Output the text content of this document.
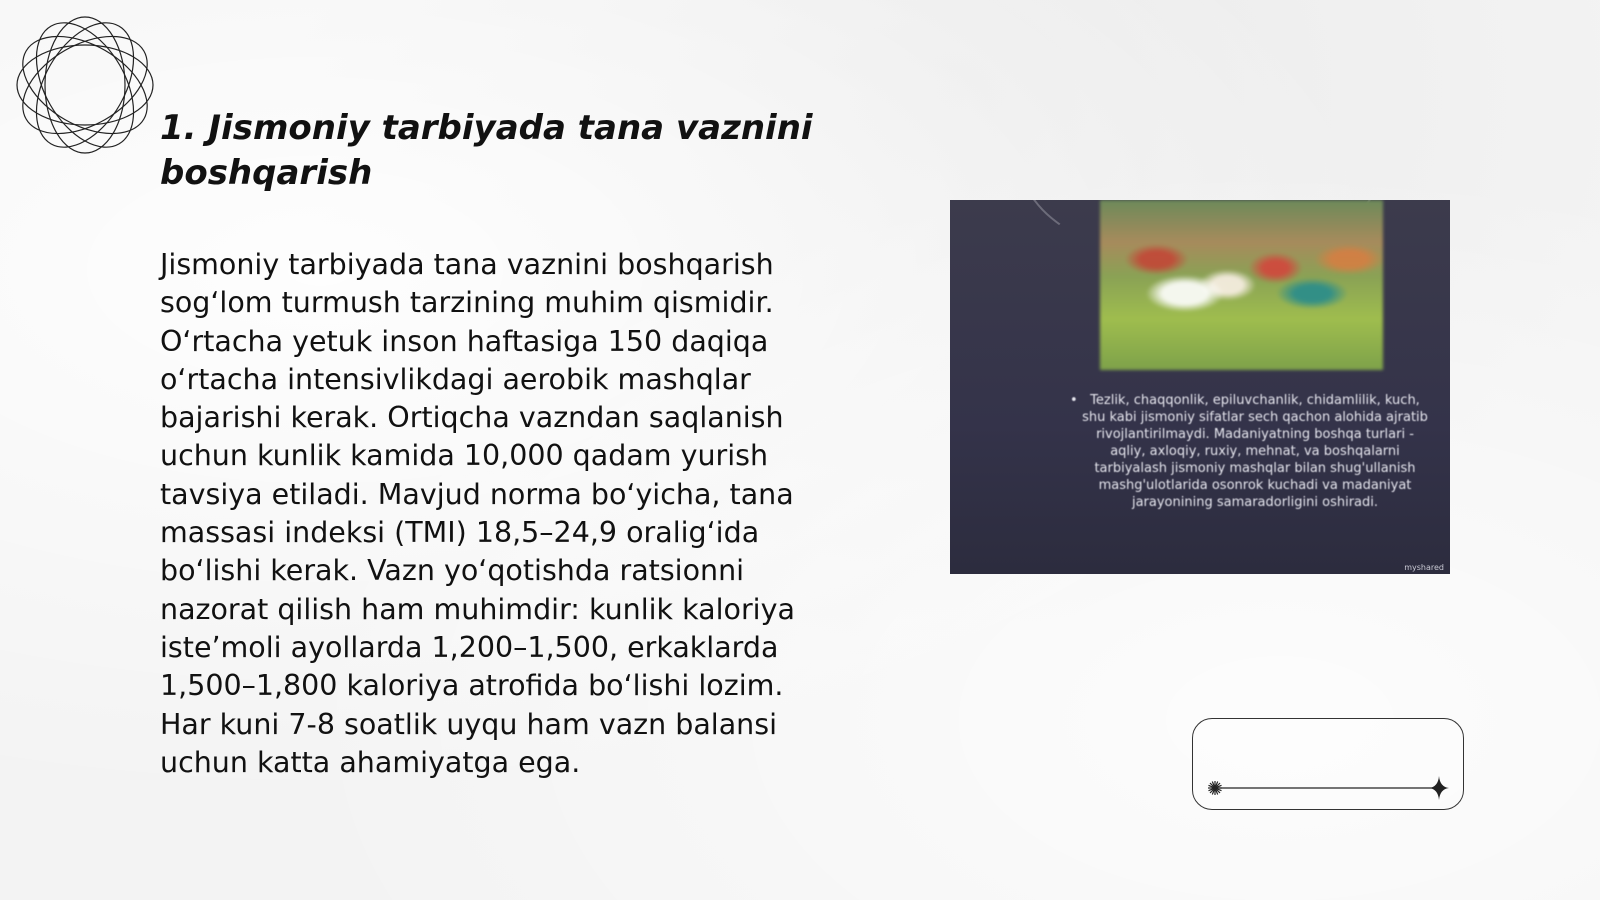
1. Jismoniy tarbiyada tana vaznini boshqarish

Jismoniy tarbiyada tana vaznini boshqarish sogʻlom turmush tarzining muhim qismidir. Oʻrtacha yetuk inson haftasiga 150 daqiqa oʻrtacha intensivlikdagi aerobik mashqlar bajarishi kerak. Ortiqcha vazndan saqlanish uchun kunlik kamida 10,000 qadam yurish tavsiya etiladi. Mavjud norma boʻyicha, tana massasi indeksi (TMI) 18,5–24,9 oraligʻida boʻlishi kerak. Vazn yoʻqotishda ratsionni nazorat qilish ham muhimdir: kunlik kaloriya isteʼmoli ayollarda 1,200–1,500, erkaklarda 1,500–1,800 kaloriya atrofida boʻlishi lozim. Har kuni 7-8 soatlik uyqu ham vazn balansi uchun katta ahamiyatga ega.

• Tezlik, chaqqonlik, epiluvchanlik, chidamlilik, kuch, shu kabi jismoniy sifatlar sech qachon alohida ajratib rivojlantirilmaydi. Madaniyatning boshqa turlari - aqliy, axloqiy, ruxiy, mehnat, va boshqalarni tarbiyalash jismoniy mashqlar bilan shug'ullanish mashg'ulotlarida osonrok kuchadi va madaniyat jarayonining samaradorligini oshiradi.
myshared
